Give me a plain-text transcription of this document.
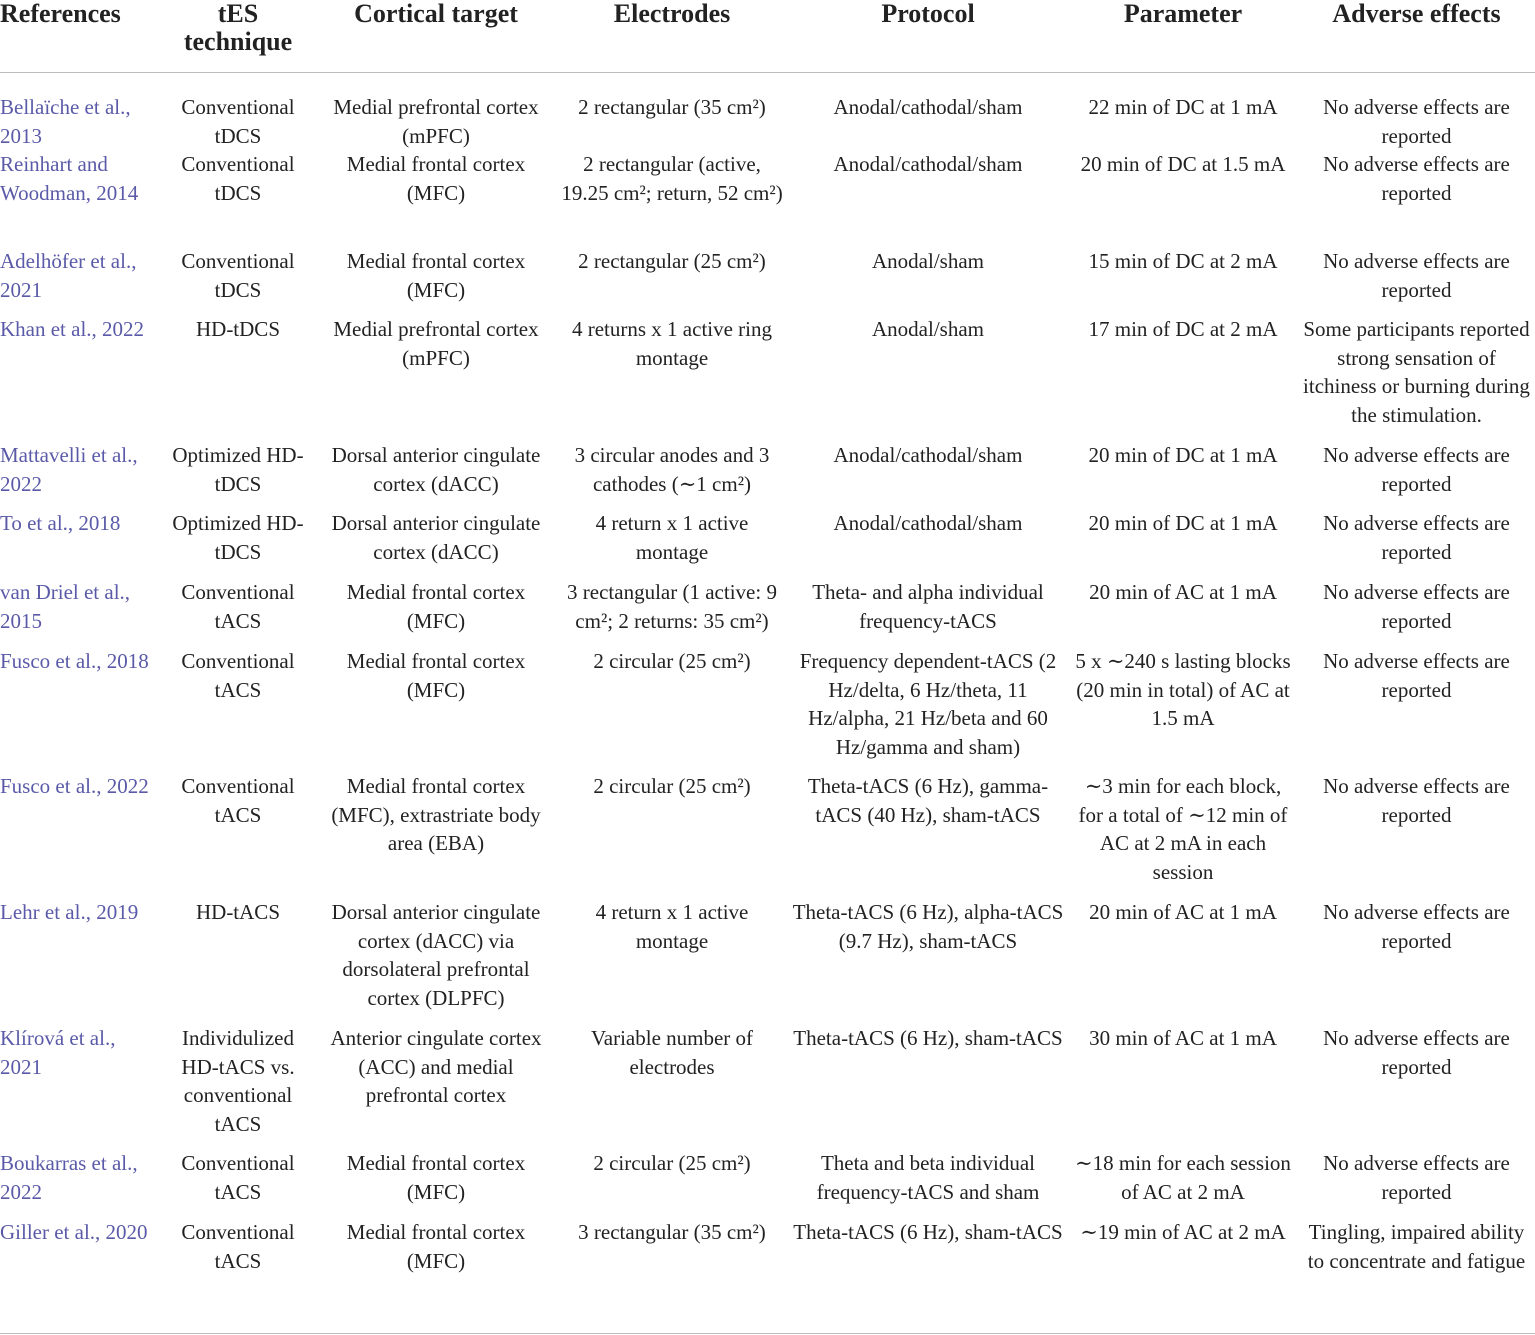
References	tES technique	Cortical target	Electrodes	Protocol	Parameter	Adverse effects
Bellaïche et al., 2013	Conventional tDCS	Medial prefrontal cortex (mPFC)	2 rectangular (35 cm²)	Anodal/cathodal/sham	22 min of DC at 1 mA	No adverse effects are reported
Reinhart and Woodman, 2014	Conventional tDCS	Medial frontal cortex (MFC)	2 rectangular (active, 19.25 cm²; return, 52 cm²)	Anodal/cathodal/sham	20 min of DC at 1.5 mA	No adverse effects are reported
Adelhöfer et al., 2021	Conventional tDCS	Medial frontal cortex (MFC)	2 rectangular (25 cm²)	Anodal/sham	15 min of DC at 2 mA	No adverse effects are reported
Khan et al., 2022	HD-tDCS	Medial prefrontal cortex (mPFC)	4 returns x 1 active ring montage	Anodal/sham	17 min of DC at 2 mA	Some participants reported strong sensation of itchiness or burning during the stimulation.
Mattavelli et al., 2022	Optimized HD-tDCS	Dorsal anterior cingulate cortex (dACC)	3 circular anodes and 3 cathodes (∼1 cm²)	Anodal/cathodal/sham	20 min of DC at 1 mA	No adverse effects are reported
To et al., 2018	Optimized HD-tDCS	Dorsal anterior cingulate cortex (dACC)	4 return x 1 active montage	Anodal/cathodal/sham	20 min of DC at 1 mA	No adverse effects are reported
van Driel et al., 2015	Conventional tACS	Medial frontal cortex (MFC)	3 rectangular (1 active: 9 cm²; 2 returns: 35 cm²)	Theta- and alpha individual frequency-tACS	20 min of AC at 1 mA	No adverse effects are reported
Fusco et al., 2018	Conventional tACS	Medial frontal cortex (MFC)	2 circular (25 cm²)	Frequency dependent-tACS (2 Hz/delta, 6 Hz/theta, 11 Hz/alpha, 21 Hz/beta and 60 Hz/gamma and sham)	5 x ∼240 s lasting blocks (20 min in total) of AC at 1.5 mA	No adverse effects are reported
Fusco et al., 2022	Conventional tACS	Medial frontal cortex (MFC), extrastriate body area (EBA)	2 circular (25 cm²)	Theta-tACS (6 Hz), gamma-tACS (40 Hz), sham-tACS	∼3 min for each block, for a total of ∼12 min of AC at 2 mA in each session	No adverse effects are reported
Lehr et al., 2019	HD-tACS	Dorsal anterior cingulate cortex (dACC) via dorsolateral prefrontal cortex (DLPFC)	4 return x 1 active montage	Theta-tACS (6 Hz), alpha-tACS (9.7 Hz), sham-tACS	20 min of AC at 1 mA	No adverse effects are reported
Klírová et al., 2021	Individulized HD-tACS vs. conventional tACS	Anterior cingulate cortex (ACC) and medial prefrontal cortex	Variable number of electrodes	Theta-tACS (6 Hz), sham-tACS	30 min of AC at 1 mA	No adverse effects are reported
Boukarras et al., 2022	Conventional tACS	Medial frontal cortex (MFC)	2 circular (25 cm²)	Theta and beta individual frequency-tACS and sham	∼18 min for each session of AC at 2 mA	No adverse effects are reported
Giller et al., 2020	Conventional tACS	Medial frontal cortex (MFC)	3 rectangular (35 cm²)	Theta-tACS (6 Hz), sham-tACS	∼19 min of AC at 2 mA	Tingling, impaired ability to concentrate and fatigue
